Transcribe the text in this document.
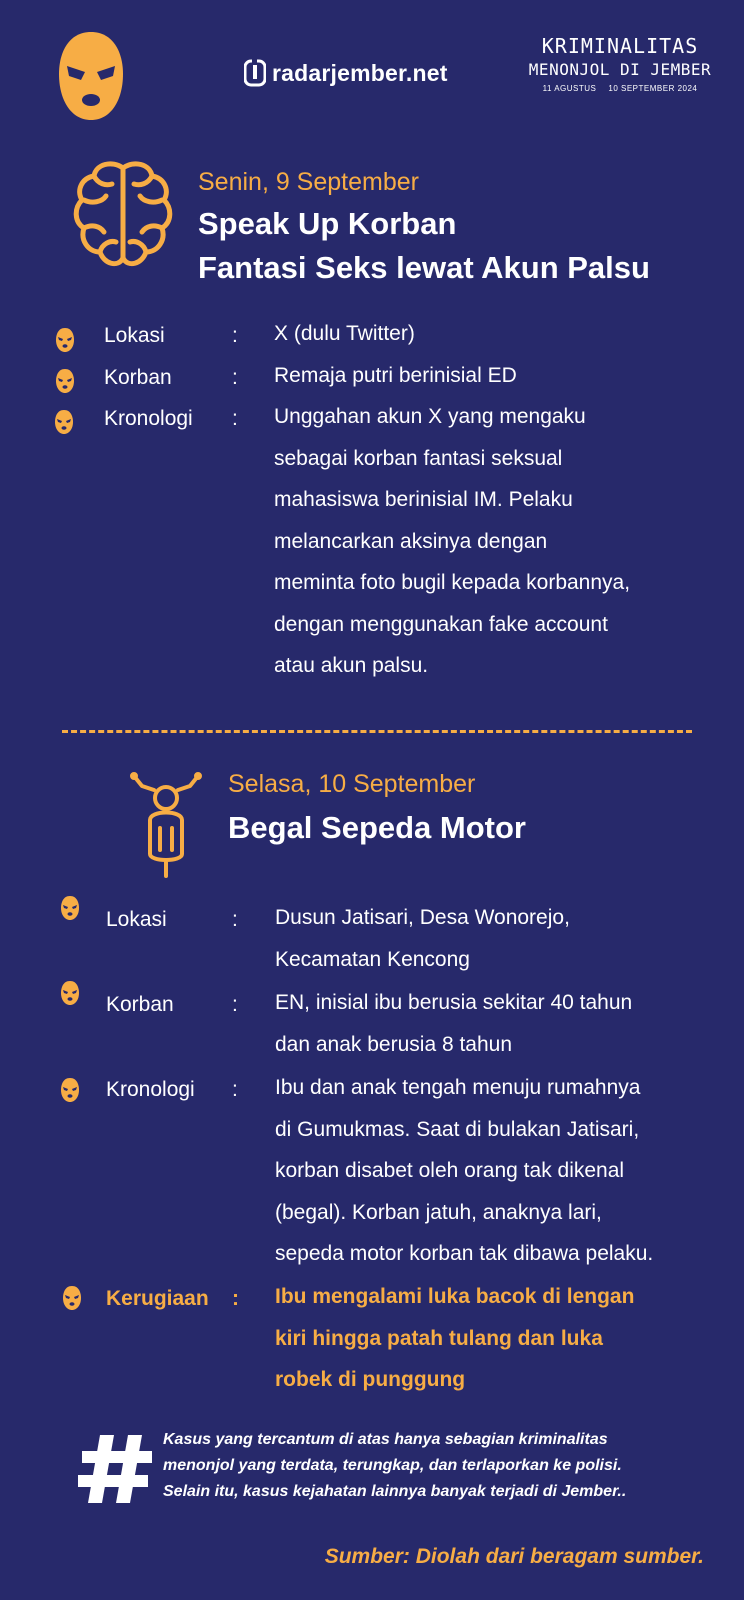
radarjember.net
KRIMINALITAS
MENONJOL DI JEMBER
11 AGUSTUS 10 SEPTEMBER 2024
Senin, 9 September
Speak Up Korban
Fantasi Seks lewat Akun Palsu
Lokasi	: X (dulu Twitter)
Korban	: Remaja putri berinisial ED
Kronologi : Unggahan akun X yang mengaku
sebagai korban fantasi seksual
mahasiswa berinisial IM. Pelaku
melancarkan aksinya dengan
meminta foto bugil kepada korbannya,
dengan menggunakan fake account
atau akun palsu.
Selasa, 10 September
Begal Sepeda Motor
Lokasi	: Dusun Jatisari, Desa Wonorejo,
Kecamatan Kencong
Korban	: EN, inisial ibu berusia sekitar 40 tahun
dan anak berusia 8 tahun
Kronologi : Ibu dan anak tengah menuju rumahnya
di Gumukmas. Saat di bulakan Jatisari,
korban disabet oleh orang tak dikenal
(begal). Korban jatuh, anaknya lari,
sepeda motor korban tak dibawa pelaku.
Kerugiaan : Ibu mengalami luka bacok di lengan
kiri hingga patah tulang dan luka
robek di punggung
Kasus yang tercantum di atas hanya sebagian kriminalitas
menonjol yang terdata, terungkap, dan terlaporkan ke polisi.
Selain itu, kasus kejahatan lainnya banyak terjadi di Jember..
Sumber: Diolah dari beragam sumber.
